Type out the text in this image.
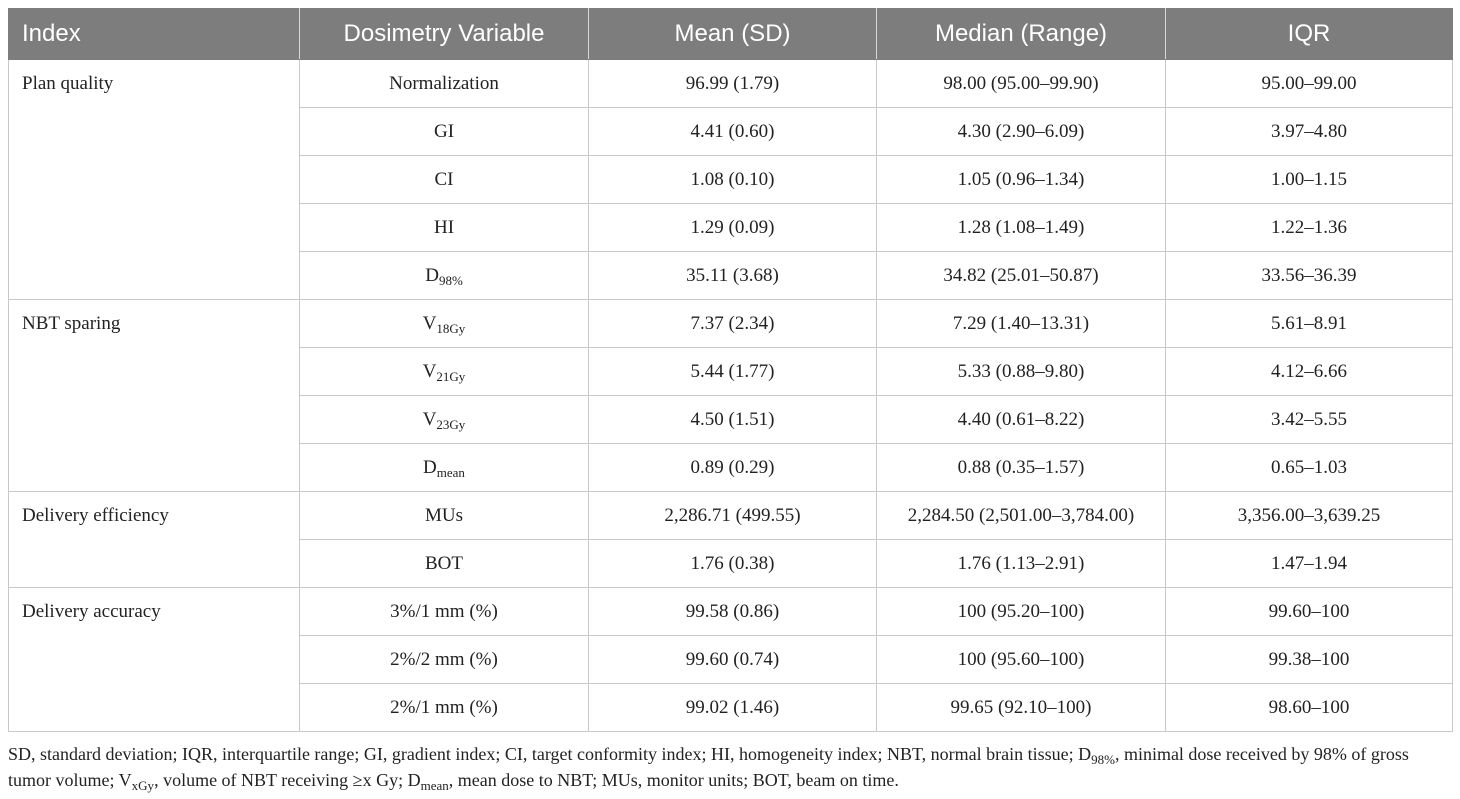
Index	Dosimetry Variable	Mean (SD)	Median (Range)	IQR
Plan quality	Normalization	96.99 (1.79)	98.00 (95.00–99.90)	95.00–99.00
	GI	4.41 (0.60)	4.30 (2.90–6.09)	3.97–4.80
	CI	1.08 (0.10)	1.05 (0.96–1.34)	1.00–1.15
	HI	1.29 (0.09)	1.28 (1.08–1.49)	1.22–1.36
	$D_{98\%}$	35.11 (3.68)	34.82 (25.01–50.87)	33.56–36.39
NBT sparing	$V_{18Gy}$	7.37 (2.34)	7.29 (1.40–13.31)	5.61–8.91
	$V_{21Gy}$	5.44 (1.77)	5.33 (0.88–9.80)	4.12–6.66
	$V_{23Gy}$	4.50 (1.51)	4.40 (0.61–8.22)	3.42–5.55
	$D_{mean}$	0.89 (0.29)	0.88 (0.35–1.57)	0.65–1.03
Delivery efficiency	MUs	2,286.71 (499.55)	2,284.50 (2,501.00–3,784.00)	3,356.00–3,639.25
	BOT	1.76 (0.38)	1.76 (1.13–2.91)	1.47–1.94
Delivery accuracy	3%/1 mm (%)	99.58 (0.86)	100 (95.20–100)	99.60–100
	2%/2 mm (%)	99.60 (0.74)	100 (95.60–100)	99.38–100
	2%/1 mm (%)	99.02 (1.46)	99.65 (92.10–100)	98.60–100
SD, standard deviation; IQR, interquartile range; GI, gradient index; CI, target conformity index; HI, homogeneity index; NBT, normal brain tissue; $D_{98\%}$, minimal dose received by 98% of gross tumor volume; $V_{xGy}$, volume of NBT receiving ≥x Gy; $D_{mean}$, mean dose to NBT; MUs, monitor units; BOT, beam on time.
